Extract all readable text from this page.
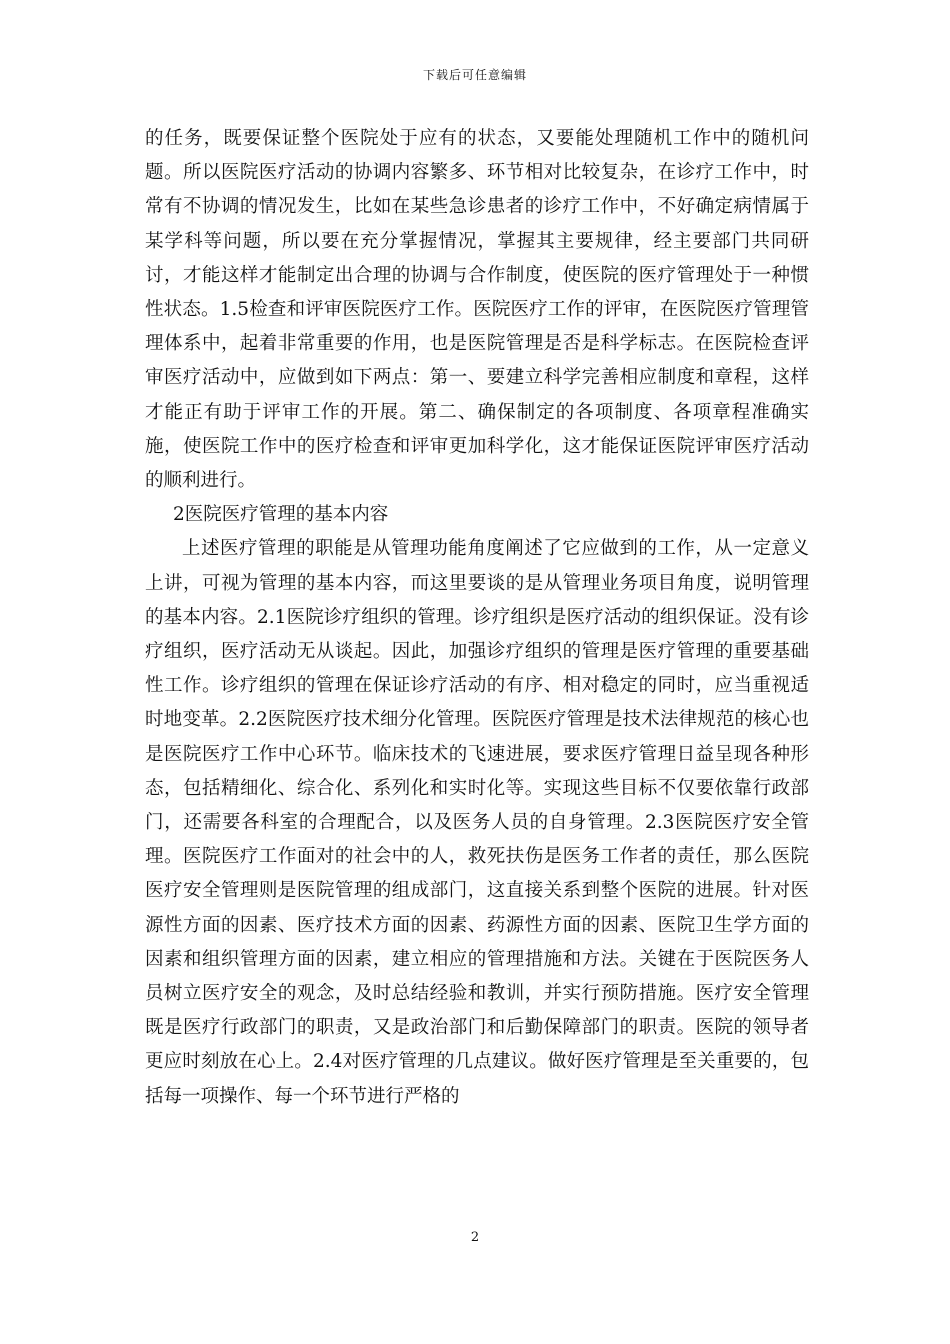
下载后可任意编辑

的任务，既要保证整个医院处于应有的状态，又要能处理随机工作中的随机问题。所以医院医疗活动的协调内容繁多、环节相对比较复杂，在诊疗工作中，时常有不协调的情况发生，比如在某些急诊患者的诊疗工作中，不好确定病情属于某学科等问题，所以要在充分掌握情况，掌握其主要规律，经主要部门共同研讨，才能这样才能制定出合理的协调与合作制度，使医院的医疗管理处于一种惯性状态。1.5检查和评审医院医疗工作。医院医疗工作的评审，在医院医疗管理管理体系中，起着非常重要的作用，也是医院管理是否是科学标志。在医院检查评审医疗活动中，应做到如下两点：第一、要建立科学完善相应制度和章程，这样才能正有助于评审工作的开展。第二、确保制定的各项制度、各项章程准确实施，使医院工作中的医疗检查和评审更加科学化，这才能保证医院评审医疗活动的顺利进行。

2医院医疗管理的基本内容

上述医疗管理的职能是从管理功能角度阐述了它应做到的工作，从一定意义上讲，可视为管理的基本内容，而这里要谈的是从管理业务项目角度，说明管理的基本内容。2.1医院诊疗组织的管理。诊疗组织是医疗活动的组织保证。没有诊疗组织，医疗活动无从谈起。因此，加强诊疗组织的管理是医疗管理的重要基础性工作。诊疗组织的管理在保证诊疗活动的有序、相对稳定的同时，应当重视适时地变革。2.2医院医疗技术细分化管理。医院医疗管理是技术法律规范的核心也是医院医疗工作中心环节。临床技术的飞速进展，要求医疗管理日益呈现各种形态，包括精细化、综合化、系列化和实时化等。实现这些目标不仅要依靠行政部门，还需要各科室的合理配合，以及医务人员的自身管理。2.3医院医疗安全管理。医院医疗工作面对的社会中的人，救死扶伤是医务工作者的责任，那么医院医疗安全管理则是医院管理的组成部门，这直接关系到整个医院的进展。针对医源性方面的因素、医疗技术方面的因素、药源性方面的因素、医院卫生学方面的因素和组织管理方面的因素，建立相应的管理措施和方法。关键在于医院医务人员树立医疗安全的观念，及时总结经验和教训，并实行预防措施。医疗安全管理既是医疗行政部门的职责，又是政治部门和后勤保障部门的职责。医院的领导者更应时刻放在心上。2.4对医疗管理的几点建议。做好医疗管理是至关重要的，包括每一项操作、每一个环节进行严格的

2
